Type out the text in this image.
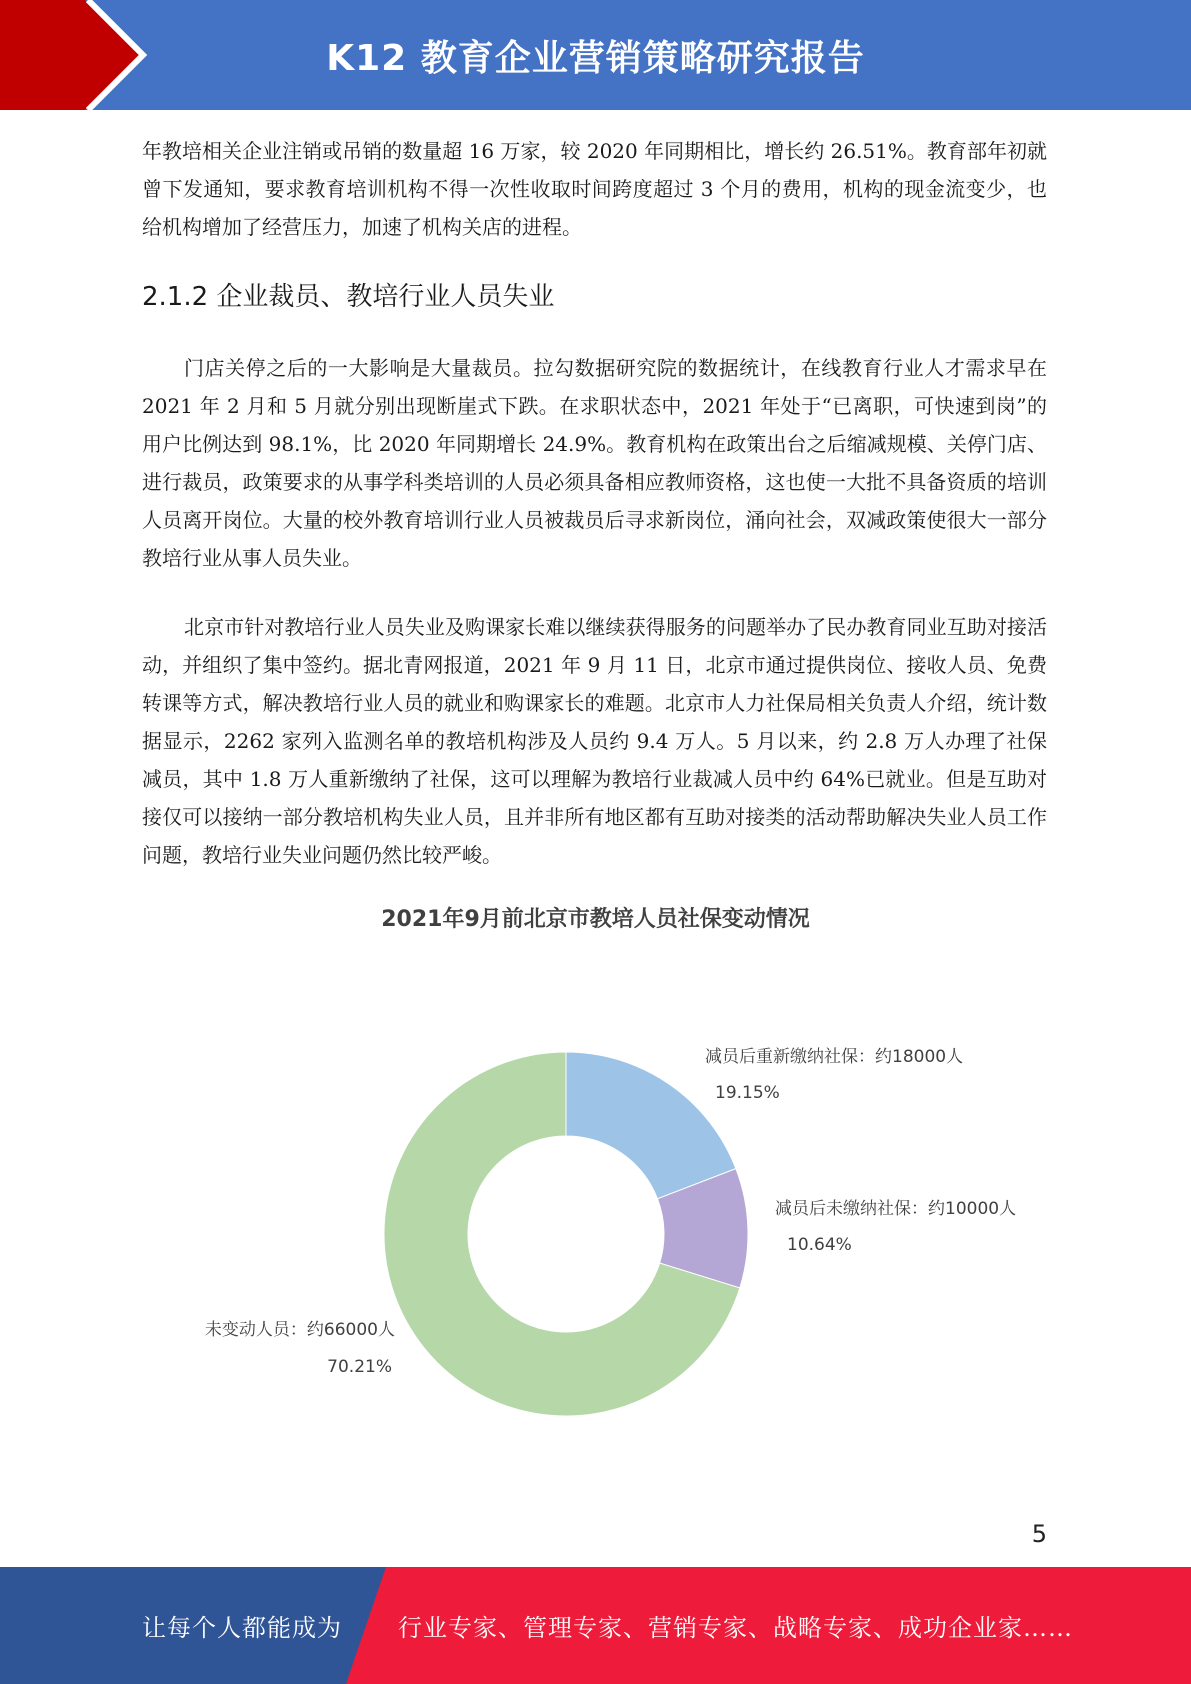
K12 教育企业营销策略研究报告

年教培相关企业注销或吊销的数量超 16 万家，较 2020 年同期相比，增长约 26.51%。教育部年初就曾下发通知，要求教育培训机构不得一次性收取时间跨度超过 3 个月的费用，机构的现金流变少，也给机构增加了经营压力，加速了机构关店的进程。

2.1.2 企业裁员、教培行业人员失业

门店关停之后的一大影响是大量裁员。拉勾数据研究院的数据统计，在线教育行业人才需求早在 2021 年 2 月和 5 月就分别出现断崖式下跌。在求职状态中，2021 年处于“已离职，可快速到岗”的用户比例达到 98.1%，比 2020 年同期增长 24.9%。教育机构在政策出台之后缩减规模、关停门店、进行裁员，政策要求的从事学科类培训的人员必须具备相应教师资格，这也使一大批不具备资质的培训人员离开岗位。大量的校外教育培训行业人员被裁员后寻求新岗位，涌向社会，双减政策使很大一部分教培行业从事人员失业。

北京市针对教培行业人员失业及购课家长难以继续获得服务的问题举办了民办教育同业互助对接活动，并组织了集中签约。据北青网报道，2021 年 9 月 11 日，北京市通过提供岗位、接收人员、免费转课等方式，解决教培行业人员的就业和购课家长的难题。北京市人力社保局相关负责人介绍，统计数据显示，2262 家列入监测名单的教培机构涉及人员约 9.4 万人。5 月以来，约 2.8 万人办理了社保减员，其中 1.8 万人重新缴纳了社保，这可以理解为教培行业裁减人员中约 64%已就业。但是互助对接仅可以接纳一部分教培机构失业人员，且并非所有地区都有互助对接类的活动帮助解决失业人员工作问题，教培行业失业问题仍然比较严峻。

2021年9月前北京市教培人员社保变动情况
减员后重新缴纳社保：约18000人
19.15%
减员后未缴纳社保：约10000人
10.64%
未变动人员：约66000人
70.21%
5
让每个人都能成为 行业专家、管理专家、营销专家、战略专家、成功企业家……
